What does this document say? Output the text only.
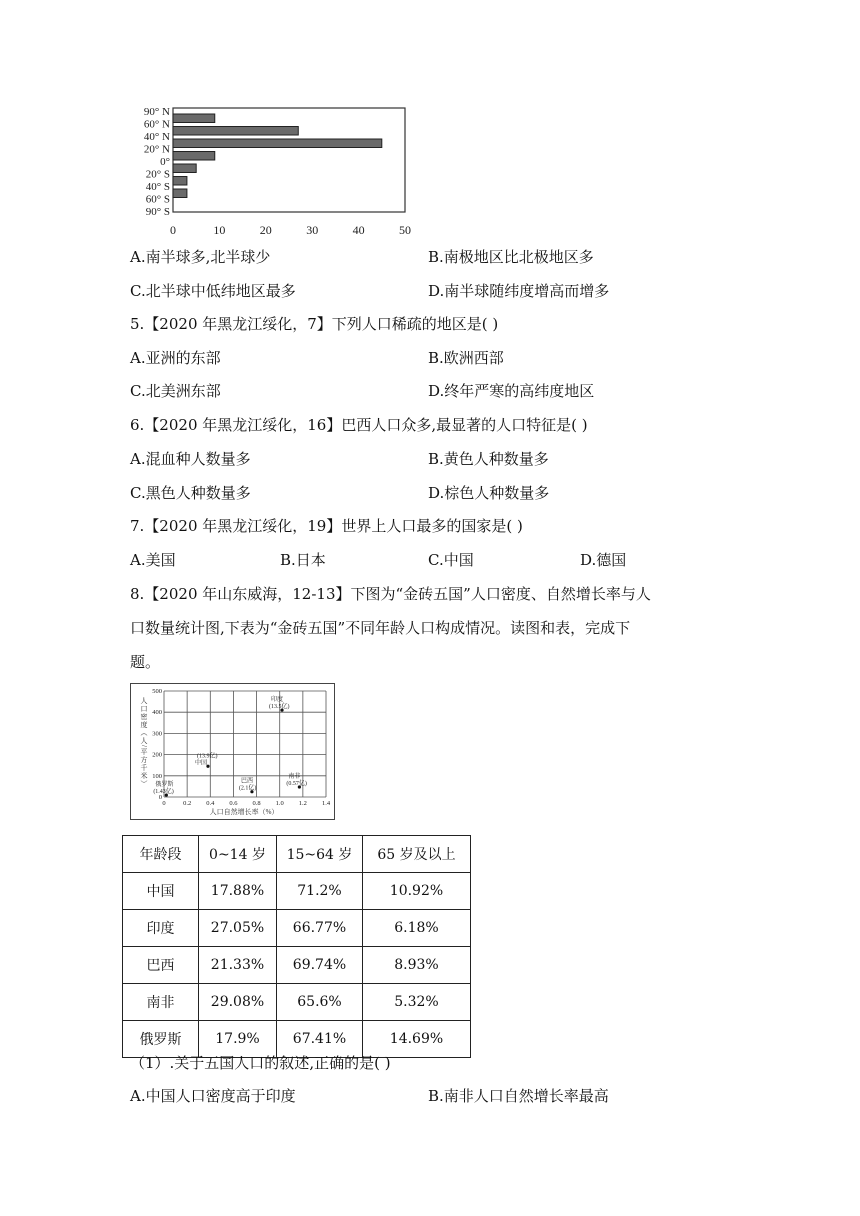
90° N
60° N
40° N
20° N
0°
20° S
40° S
60° S
90° S
0	10	20	30	40	50
A.南半球多,北半球少	B.南极地区比北极地区多
C.北半球中低纬地区最多	D.南半球随纬度增高而增多
5.【2020 年黑龙江绥化，7】下列人口稀疏的地区是( )
A.亚洲的东部	B.欧洲西部
C.北美洲东部	D.终年严寒的高纬度地区
6.【2020 年黑龙江绥化，16】巴西人口众多,最显著的人口特征是( )
A.混血种人数量多	B.黄色人种数量多
C.黑色人种数量多	D.棕色人种数量多
7.【2020 年黑龙江绥化，19】世界上人口最多的国家是( )
A.美国	B.日本	C.中国	D.德国
8.【2020 年山东威海，12-13】下图为“金砖五国”人口密度、自然增长率与人
口数量统计图,下表为“金砖五国”不同年龄人口构成情况。读图和表，完成下
题。
0	0.2 0.4 0.6 0.8 1.0 1.2 1.4
0
100
200
300
400
500
印度
(13.5亿)
(13.9亿)
中国
俄罗斯
(1.43亿)
巴西
(2.1亿)
南非
(0.57亿)
人口密度（人/平方千米）
人口自然增长率（%）
年龄段	0~14 岁	15~64 岁	65 岁及以上
中国	17.88%	71.2%	10.92%
印度	27.05%	66.77%	6.18%
巴西	21.33%	69.74%	8.93%
南非	29.08%	65.6%	5.32%
俄罗斯	17.9%	67.41%	14.69%
（1）.关于五国人口的叙述,正确的是( )
A.中国人口密度高于印度	B.南非人口自然增长率最高
